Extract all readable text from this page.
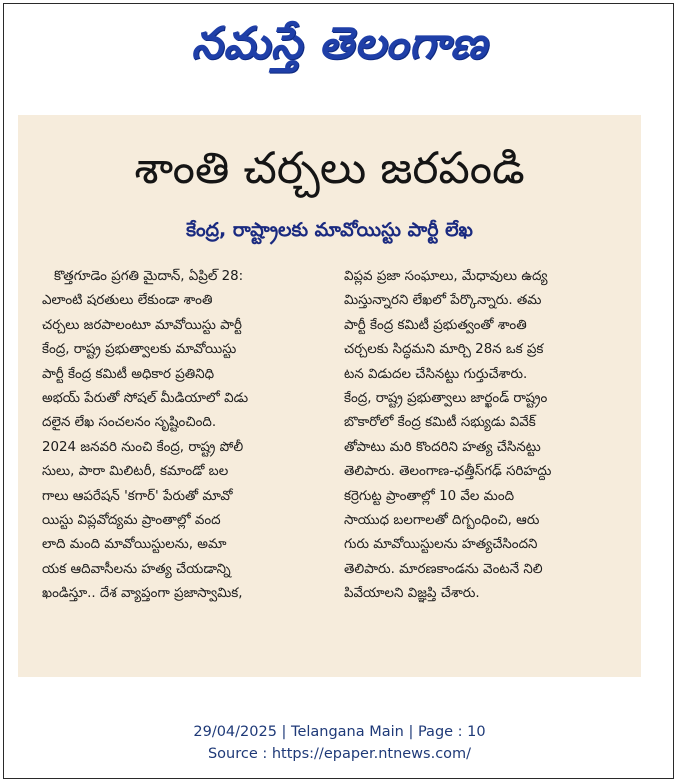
నమస్తే తెలంగాణ
శాంతి చర్చలు జరపండి
కేంద్ర, రాష్ట్రాలకు మావోయిస్టు పార్టీ లేఖ
కొత్తగూడెం ప్రగతి మైదాన్, ఏప్రిల్ 28:
ఎలాంటి షరతులు లేకుండా శాంతి
చర్చలు జరపాలంటూ మావోయిస్టు పార్టీ
కేంద్ర, రాష్ట్ర ప్రభుత్వాలకు మావోయిస్టు
పార్టీ కేంద్ర కమిటీ అధికార ప్రతినిధి
అభయ్ పేరుతో సోషల్ మీడియాలో విడు
దలైన లేఖ సంచలనం సృష్టించింది.
2024 జనవరి నుంచి కేంద్ర, రాష్ట్ర పోలీ
సులు, పారా మిలిటరీ, కమాండో బల
గాలు ఆపరేషన్ 'కగార్' పేరుతో మావో
యిస్టు విప్లవోద్యమ ప్రాంతాల్లో వంద
లాది మంది మావోయిస్టులను, అమా
యక ఆదివాసీలను హత్య చేయడాన్ని
ఖండిస్తూ.. దేశ వ్యాప్తంగా ప్రజాస్వామిక,
విప్లవ ప్రజా సంఘాలు, మేధావులు ఉద్య
మిస్తున్నారని లేఖలో పేర్కొన్నారు. తమ
పార్టీ కేంద్ర కమిటీ ప్రభుత్వంతో శాంతి
చర్చలకు సిద్ధమని మార్చి 28న ఒక ప్రక
టన విడుదల చేసినట్టు గుర్తుచేశారు.
కేంద్ర, రాష్ట్ర ప్రభుత్వాలు జార్ఖండ్ రాష్ట్రం
బొకారోలో కేంద్ర కమిటీ సభ్యుడు వివేక్
తోపాటు మరి కొందరిని హత్య చేసినట్టు
తెలిపారు. తెలంగాణ-ఛత్తీస్‌గఢ్ సరిహద్దు
కర్రెగుట్ట ప్రాంతాల్లో 10 వేల మంది
సాయుధ బలగాలతో దిగ్బంధించి, ఆరు
గురు మావోయిస్టులను హత్యచేసిందని
తెలిపారు. మారణకాండను వెంటనే నిలి
పివేయాలని విజ్ఞప్తి చేశారు.
29/04/2025 | Telangana Main | Page : 10
Source : https://epaper.ntnews.com/
